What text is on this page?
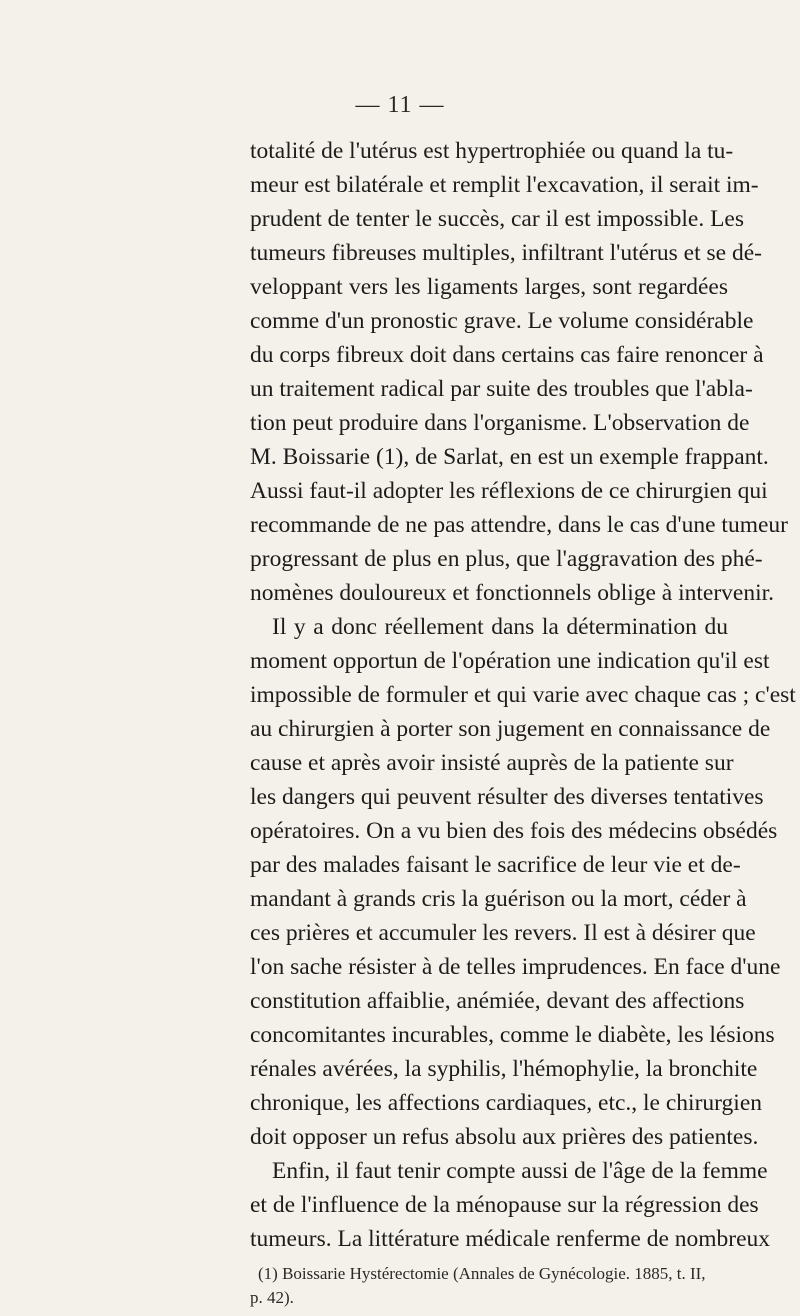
— 11 —
totalité de l'utérus est hypertrophiée ou quand la tu-
meur est bilatérale et remplit l'excavation, il serait im-
prudent de tenter le succès, car il est impossible. Les
tumeurs fibreuses multiples, infiltrant l'utérus et se dé-
veloppant vers les ligaments larges, sont regardées
comme d'un pronostic grave. Le volume considérable
du corps fibreux doit dans certains cas faire renoncer à
un traitement radical par suite des troubles que l'abla-
tion peut produire dans l'organisme. L'observation de
M. Boissarie (1), de Sarlat, en est un exemple frappant.
Aussi faut-il adopter les réflexions de ce chirurgien qui
recommande de ne pas attendre, dans le cas d'une tumeur
progressant de plus en plus, que l'aggravation des phé-
nomènes douloureux et fonctionnels oblige à intervenir.
Il y a donc réellement dans la détermination du
moment opportun de l'opération une indication qu'il est
impossible de formuler et qui varie avec chaque cas ; c'est
au chirurgien à porter son jugement en connaissance de
cause et après avoir insisté auprès de la patiente sur
les dangers qui peuvent résulter des diverses tentatives
opératoires. On a vu bien des fois des médecins obsédés
par des malades faisant le sacrifice de leur vie et de-
mandant à grands cris la guérison ou la mort, céder à
ces prières et accumuler les revers. Il est à désirer que
l'on sache résister à de telles imprudences. En face d'une
constitution affaiblie, anémiée, devant des affections
concomitantes incurables, comme le diabète, les lésions
rénales avérées, la syphilis, l'hémophylie, la bronchite
chronique, les affections cardiaques, etc., le chirurgien
doit opposer un refus absolu aux prières des patientes.
Enfin, il faut tenir compte aussi de l'âge de la femme
et de l'influence de la ménopause sur la régression des
tumeurs. La littérature médicale renferme de nombreux
(1) Boissarie Hystérectomie (Annales de Gynécologie. 1885, t. II,
p. 42).
